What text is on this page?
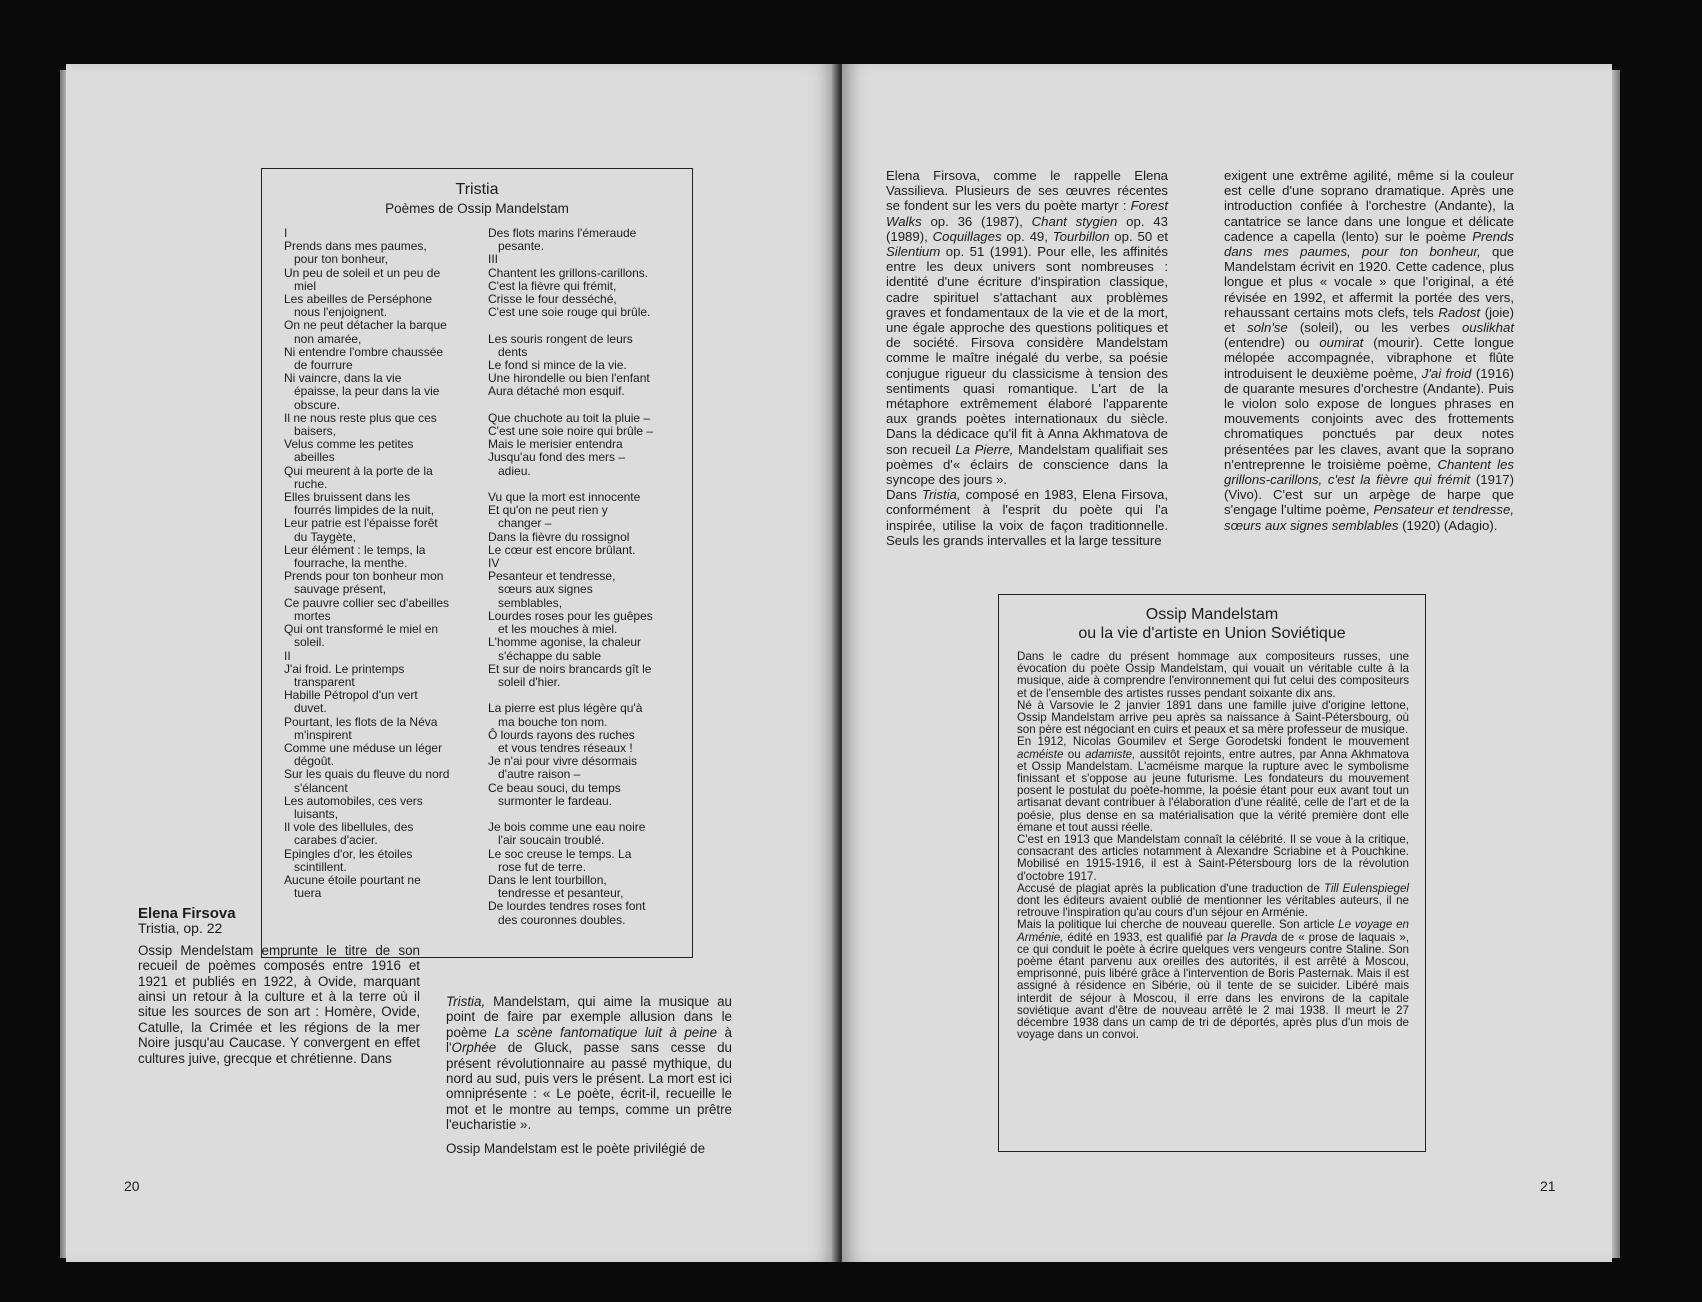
Tristia
Poèmes de Ossip Mandelstam
I
Prends dans mes paumes,
pour ton bonheur,
Un peu de soleil et un peu de
miel
Les abeilles de Perséphone
nous l'enjoignent.
On ne peut détacher la barque
non amarée,
Ni entendre l'ombre chaussée
de fourrure
Ni vaincre, dans la vie
épaisse, la peur dans la vie
obscure.
Il ne nous reste plus que ces
baisers,
Velus comme les petites
abeilles
Qui meurent à la porte de la
ruche.
Elles bruissent dans les
fourrés limpides de la nuit,
Leur patrie est l'épaisse forêt
du Taygète,
Leur élément : le temps, la
fourrache, la menthe.
Prends pour ton bonheur mon
sauvage présent,
Ce pauvre collier sec d'abeilles
mortes
Qui ont transformé le miel en
soleil.
II
J'ai froid. Le printemps
transparent
Habille Pétropol d'un vert
duvet.
Pourtant, les flots de la Néva
m'inspirent
Comme une méduse un léger
dégoût.
Sur les quais du fleuve du nord
s'élancent
Les automobiles, ces vers
luisants,
Il vole des libellules, des
carabes d'acier.
Epingles d'or, les étoiles
scintillent.
Aucune étoile pourtant ne
tuera
Des flots marins l'émeraude
pesante.
III
Chantent les grillons-carillons.
C'est la fièvre qui frémit,
Crisse le four desséché,
C'est une soie rouge qui brûle.

Les souris rongent de leurs
dents
Le fond si mince de la vie.
Une hirondelle ou bien l'enfant
Aura détaché mon esquif.

Que chuchote au toit la pluie –
C'est une soie noire qui brûle –
Mais le merisier entendra
Jusqu'au fond des mers –
adieu.

Vu que la mort est innocente
Et qu'on ne peut rien y
changer –
Dans la fièvre du rossignol
Le cœur est encore brûlant.
IV
Pesanteur et tendresse,
sœurs aux signes
semblables,
Lourdes roses pour les guêpes
et les mouches à miel.
L'homme agonise, la chaleur
s'échappe du sable
Et sur de noirs brancards gît le
soleil d'hier.

La pierre est plus légère qu'à
ma bouche ton nom.
Ô lourds rayons des ruches
et vous tendres réseaux !
Je n'ai pour vivre désormais
d'autre raison –
Ce beau souci, du temps
surmonter le fardeau.

Je bois comme une eau noire
l'air soucain troublé.
Le soc creuse le temps. La
rose fut de terre.
Dans le lent tourbillon,
tendresse et pesanteur,
De lourdes tendres roses font
des couronnes doubles.

Elena Firsova

Tristia, op. 22

Ossip Mendelstam emprunte le titre de son recueil de poèmes composés entre 1916 et 1921 et publiés en 1922, à Ovide, marquant ainsi un retour à la culture et à la terre où il situe les sources de son art : Homère, Ovide, Catulle, la Crimée et les régions de la mer Noire jusqu'au Caucase. Y convergent en effet cultures juive, grecque et chrétienne. Dans

Tristia, Mandelstam, qui aime la musique au point de faire par exemple allusion dans le poème La scène fantomatique luit à peine à l'Orphée de Gluck, passe sans cesse du présent révolutionnaire au passé mythique, du nord au sud, puis vers le présent. La mort est ici omniprésente : « Le poète, écrit-il, recueille le mot et le montre au temps, comme un prêtre l'eucharistie ».

Ossip Mandelstam est le poète privilégié de

20

Elena Firsova, comme le rappelle Elena Vassilieva. Plusieurs de ses œuvres récentes se fondent sur les vers du poète martyr : Forest Walks op. 36 (1987), Chant stygien op. 43 (1989), Coquillages op. 49, Tourbillon op. 50 et Silentium op. 51 (1991). Pour elle, les affinités entre les deux univers sont nombreuses : identité d'une écriture d'inspiration classique, cadre spirituel s'attachant aux problèmes graves et fondamentaux de la vie et de la mort, une égale approche des questions politiques et de société. Firsova considère Mandelstam comme le maître inégalé du verbe, sa poésie conjugue rigueur du classicisme à tension des sentiments quasi romantique. L'art de la métaphore extrêmement élaboré l'apparente aux grands poètes internationaux du siècle. Dans la dédicace qu'il fit à Anna Akhmatova de son recueil La Pierre, Mandelstam qualifiait ses poèmes d'« éclairs de conscience dans la syncope des jours ».

Dans Tristia, composé en 1983, Elena Firsova, conformément à l'esprit du poète qui l'a inspirée, utilise la voix de façon traditionnelle. Seuls les grands intervalles et la large tessiture

exigent une extrême agilité, même si la couleur est celle d'une soprano dramatique. Après une introduction confiée à l'orchestre (Andante), la cantatrice se lance dans une longue et délicate cadence a capella (lento) sur le poème Prends dans mes paumes, pour ton bonheur, que Mandelstam écrivit en 1920. Cette cadence, plus longue et plus « vocale » que l'original, a été révisée en 1992, et affermit la portée des vers, rehaussant certains mots clefs, tels Radost (joie) et soln'se (soleil), ou les verbes ouslikhat (entendre) ou oumirat (mourir). Cette longue mélopée accompagnée, vibraphone et flûte introduisent le deuxième poème, J'ai froid (1916) de quarante mesures d'orchestre (Andante). Puis le violon solo expose de longues phrases en mouvements conjoints avec des frottements chromatiques ponctués par deux notes présentées par les claves, avant que la soprano n'entreprenne le troisième poème, Chantent les grillons-carillons, c'est la fièvre qui frémit (1917) (Vivo). C'est sur un arpège de harpe que s'engage l'ultime poème, Pensateur et tendresse, sœurs aux signes semblables (1920) (Adagio).

Ossip Mandelstam
ou la vie d'artiste en Union Soviétique

Dans le cadre du présent hommage aux compositeurs russes, une évocation du poète Ossip Mandelstam, qui vouait un véritable culte à la musique, aide à comprendre l'environnement qui fut celui des compositeurs et de l'ensemble des artistes russes pendant soixante dix ans.

Né à Varsovie le 2 janvier 1891 dans une famille juive d'origine lettone, Ossip Mandelstam arrive peu après sa naissance à Saint-Pétersbourg, où son père est négociant en cuirs et peaux et sa mère professeur de musique.

En 1912, Nicolas Goumilev et Serge Gorodetski fondent le mouvement acméiste ou adamiste, aussitôt rejoints, entre autres, par Anna Akhmatova et Ossip Mandelstam. L'acméisme marque la rupture avec le symbolisme finissant et s'oppose au jeune futurisme. Les fondateurs du mouvement posent le postulat du poète-homme, la poésie étant pour eux avant tout un artisanat devant contribuer à l'élaboration d'une réalité, celle de l'art et de la poésie, plus dense en sa matérialisation que la vérité première dont elle émane et tout aussi réelle.

C'est en 1913 que Mandelstam connaît la célébrité. Il se voue à la critique, consacrant des articles notamment à Alexandre Scriabine et à Pouchkine. Mobilisé en 1915-1916, il est à Saint-Pétersbourg lors de la révolution d'octobre 1917.

Accusé de plagiat après la publication d'une traduction de Till Eulenspiegel dont les éditeurs avaient oublié de mentionner les véritables auteurs, il ne retrouve l'inspiration qu'au cours d'un séjour en Arménie.

Mais la politique lui cherche de nouveau querelle. Son article Le voyage en Arménie, édité en 1933, est qualifié par la Pravda de « prose de laquais », ce qui conduit le poète à écrire quelques vers vengeurs contre Staline. Son poème étant parvenu aux oreilles des autorités, il est arrêté à Moscou, emprisonné, puis libéré grâce à l'intervention de Boris Pasternak. Mais il est assigné à résidence en Sibérie, où il tente de se suicider. Libéré mais interdit de séjour à Moscou, il erre dans les environs de la capitale soviétique avant d'être de nouveau arrêté le 2 mai 1938. Il meurt le 27 décembre 1938 dans un camp de tri de déportés, après plus d'un mois de voyage dans un convoi.

21
